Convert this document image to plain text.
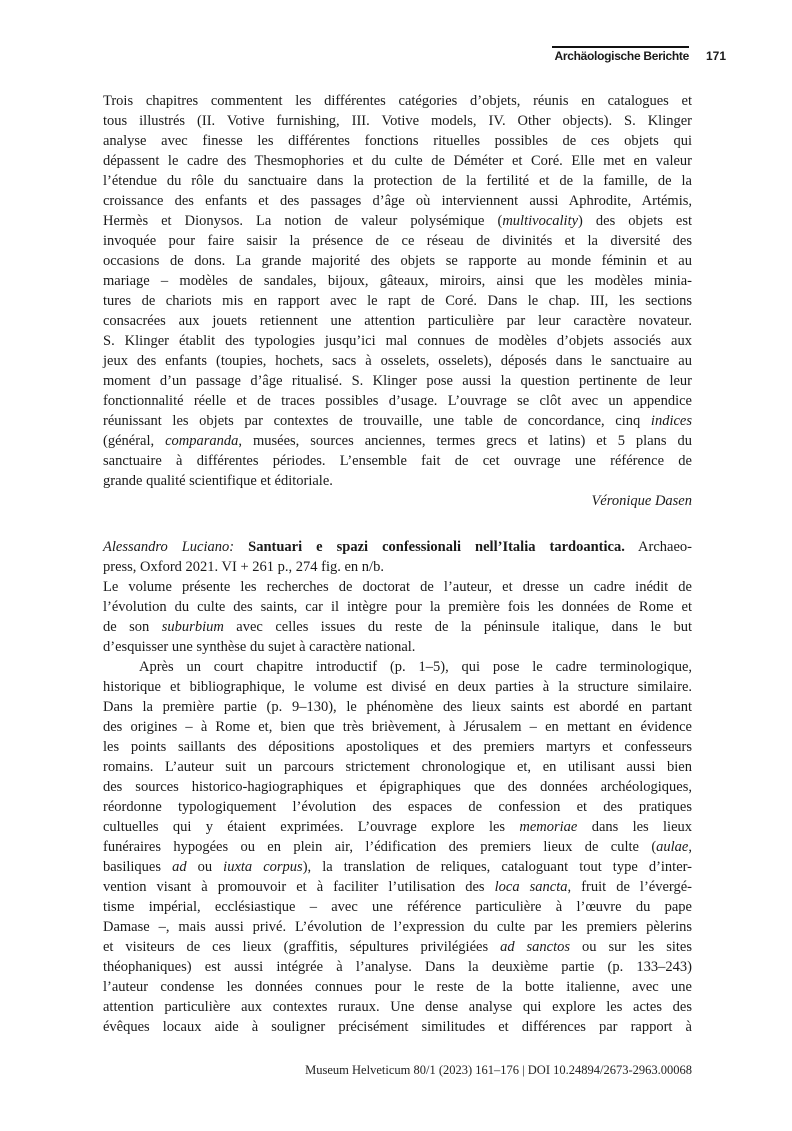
Archäologische Berichte 171
Trois chapitres commentent les différentes catégories d’objets, réunis en catalogues et
tous illustrés (II. Votive furnishing, III. Votive models, IV. Other objects). S. Klinger
analyse avec finesse les différentes fonctions rituelles possibles de ces objets qui
dépassent le cadre des Thesmophories et du culte de Déméter et Coré. Elle met en valeur
l’étendue du rôle du sanctuaire dans la protection de la fertilité et de la famille, de la
croissance des enfants et des passages d’âge où interviennent aussi Aphrodite, Artémis,
Hermès et Dionysos. La notion de valeur polysémique (multivocality) des objets est
invoquée pour faire saisir la présence de ce réseau de divinités et la diversité des
occasions de dons. La grande majorité des objets se rapporte au monde féminin et au
mariage – modèles de sandales, bijoux, gâteaux, miroirs, ainsi que les modèles minia-
tures de chariots mis en rapport avec le rapt de Coré. Dans le chap. III, les sections
consacrées aux jouets retiennent une attention particulière par leur caractère novateur.
S. Klinger établit des typologies jusqu’ici mal connues de modèles d’objets associés aux
jeux des enfants (toupies, hochets, sacs à osselets, osselets), déposés dans le sanctuaire au
moment d’un passage d’âge ritualisé. S. Klinger pose aussi la question pertinente de leur
fonctionnalité réelle et de traces possibles d’usage. L’ouvrage se clôt avec un appendice
réunissant les objets par contextes de trouvaille, une table de concordance, cinq indices
(général, comparanda, musées, sources anciennes, termes grecs et latins) et 5 plans du
sanctuaire à différentes périodes. L’ensemble fait de cet ouvrage une référence de
grande qualité scientifique et éditoriale.
Véronique Dasen
Alessandro Luciano: Santuari e spazi confessionali nell’Italia tardoantica. Archaeo-
press, Oxford 2021. VI + 261 p., 274 fig. en n/b.
Le volume présente les recherches de doctorat de l’auteur, et dresse un cadre inédit de
l’évolution du culte des saints, car il intègre pour la première fois les données de Rome et
de son suburbium avec celles issues du reste de la péninsule italique, dans le but
d’esquisser une synthèse du sujet à caractère national.
Après un court chapitre introductif (p. 1–5), qui pose le cadre terminologique,
historique et bibliographique, le volume est divisé en deux parties à la structure similaire.
Dans la première partie (p. 9–130), le phénomène des lieux saints est abordé en partant
des origines – à Rome et, bien que très brièvement, à Jérusalem – en mettant en évidence
les points saillants des dépositions apostoliques et des premiers martyrs et confesseurs
romains. L’auteur suit un parcours strictement chronologique et, en utilisant aussi bien
des sources historico-hagiographiques et épigraphiques que des données archéologiques,
réordonne typologiquement l’évolution des espaces de confession et des pratiques
cultuelles qui y étaient exprimées. L’ouvrage explore les memoriae dans les lieux
funéraires hypogées ou en plein air, l’édification des premiers lieux de culte (aulae,
basiliques ad ou iuxta corpus), la translation de reliques, cataloguant tout type d’inter-
vention visant à promouvoir et à faciliter l’utilisation des loca sancta, fruit de l’évergé-
tisme impérial, ecclésiastique – avec une référence particulière à l’œuvre du pape
Damase –, mais aussi privé. L’évolution de l’expression du culte par les premiers pèlerins
et visiteurs de ces lieux (graffitis, sépultures privilégiées ad sanctos ou sur les sites
théophaniques) est aussi intégrée à l’analyse. Dans la deuxième partie (p. 133–243)
l’auteur condense les données connues pour le reste de la botte italienne, avec une
attention particulière aux contextes ruraux. Une dense analyse qui explore les actes des
évêques locaux aide à souligner précisément similitudes et différences par rapport à
Museum Helveticum 80/1 (2023) 161–176 | DOI 10.24894/2673-2963.00068
